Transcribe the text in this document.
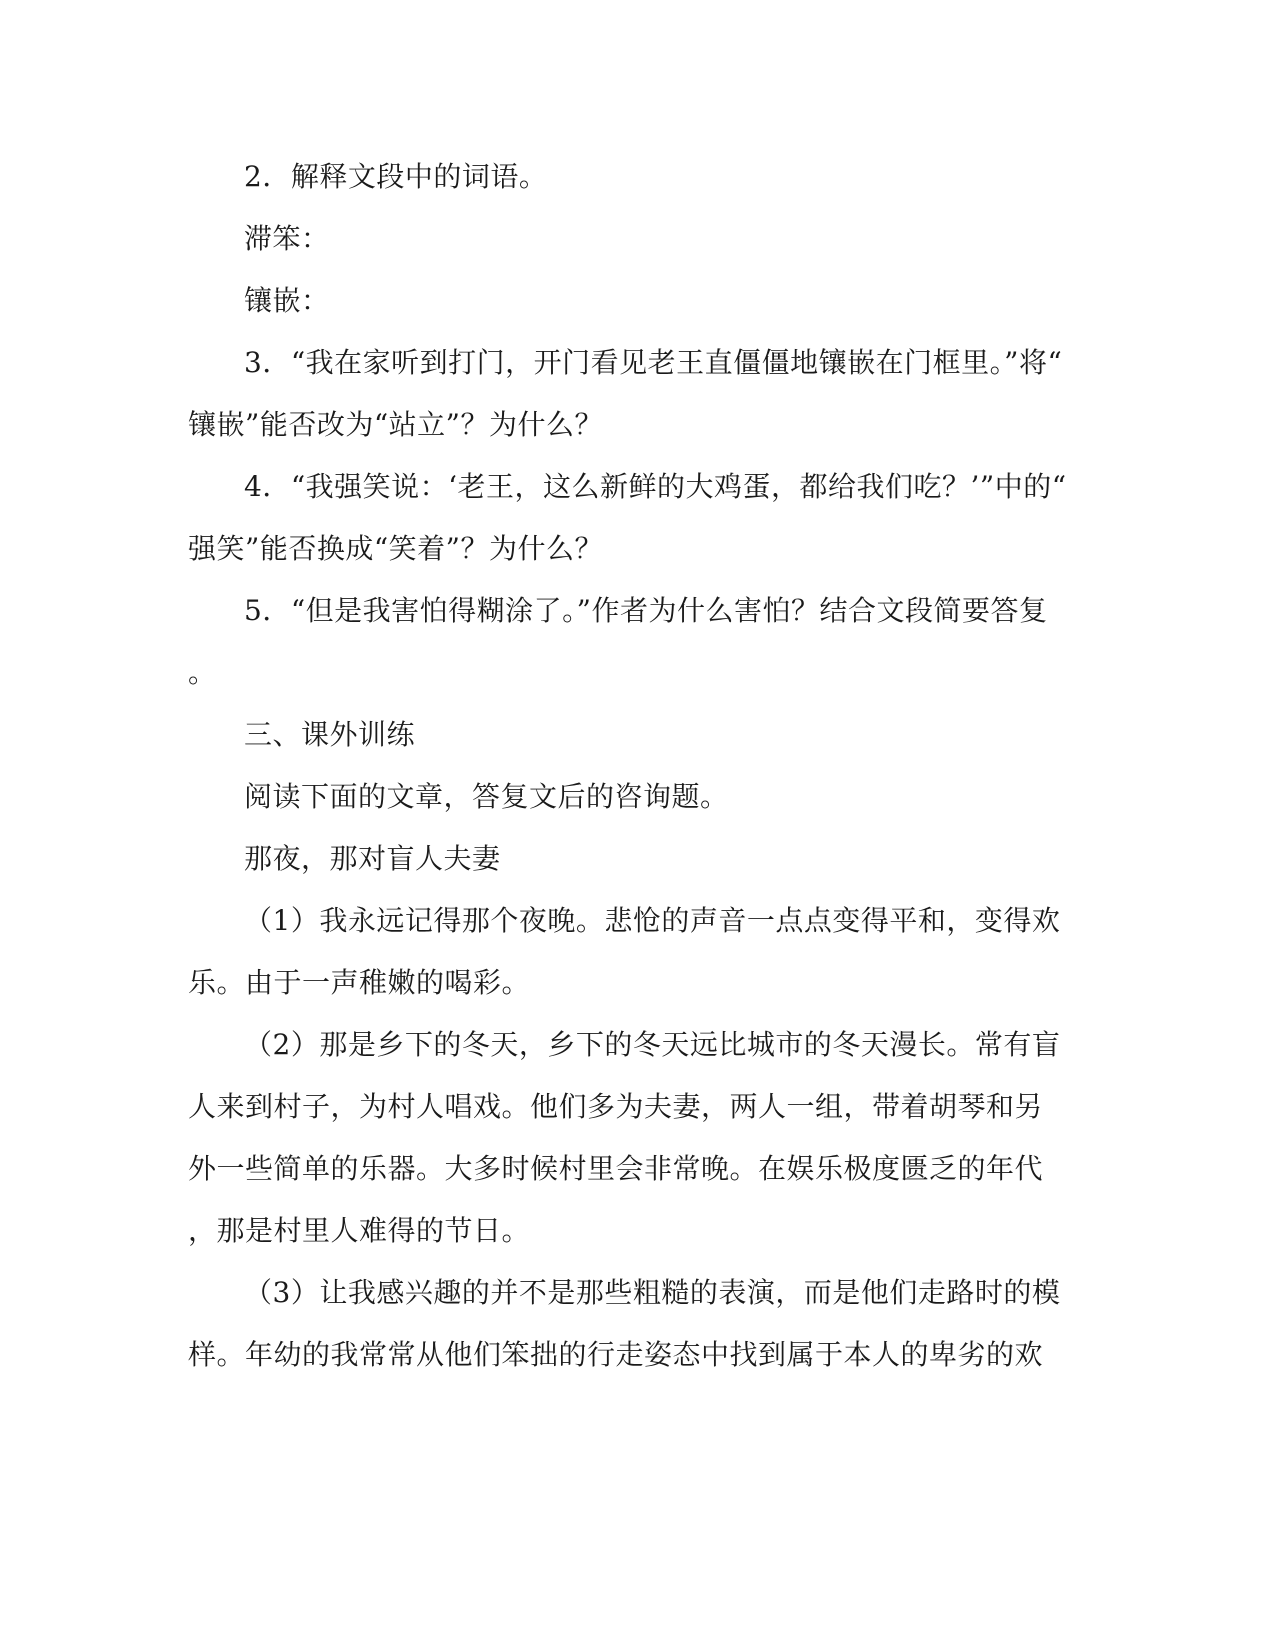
2．解释文段中的词语。
滞笨：
镶嵌：
3．“我在家听到打门，开门看见老王直僵僵地镶嵌在门框里。”将“
镶嵌”能否改为“站立”？为什么？
4．“我强笑说：‘老王，这么新鲜的大鸡蛋，都给我们吃？’”中的“
强笑”能否换成“笑着”？为什么？
5．“但是我害怕得糊涂了。”作者为什么害怕？结合文段简要答复
。
三、课外训练
阅读下面的文章，答复文后的咨询题。
那夜，那对盲人夫妻
（1）我永远记得那个夜晚。悲怆的声音一点点变得平和，变得欢
乐。由于一声稚嫩的喝彩。
（2）那是乡下的冬天，乡下的冬天远比城市的冬天漫长。常有盲
人来到村子，为村人唱戏。他们多为夫妻，两人一组，带着胡琴和另
外一些简单的乐器。大多时候村里会非常晚。在娱乐极度匮乏的年代
，那是村里人难得的节日。
（3）让我感兴趣的并不是那些粗糙的表演，而是他们走路时的模
样。年幼的我常常从他们笨拙的行走姿态中找到属于本人的卑劣的欢
